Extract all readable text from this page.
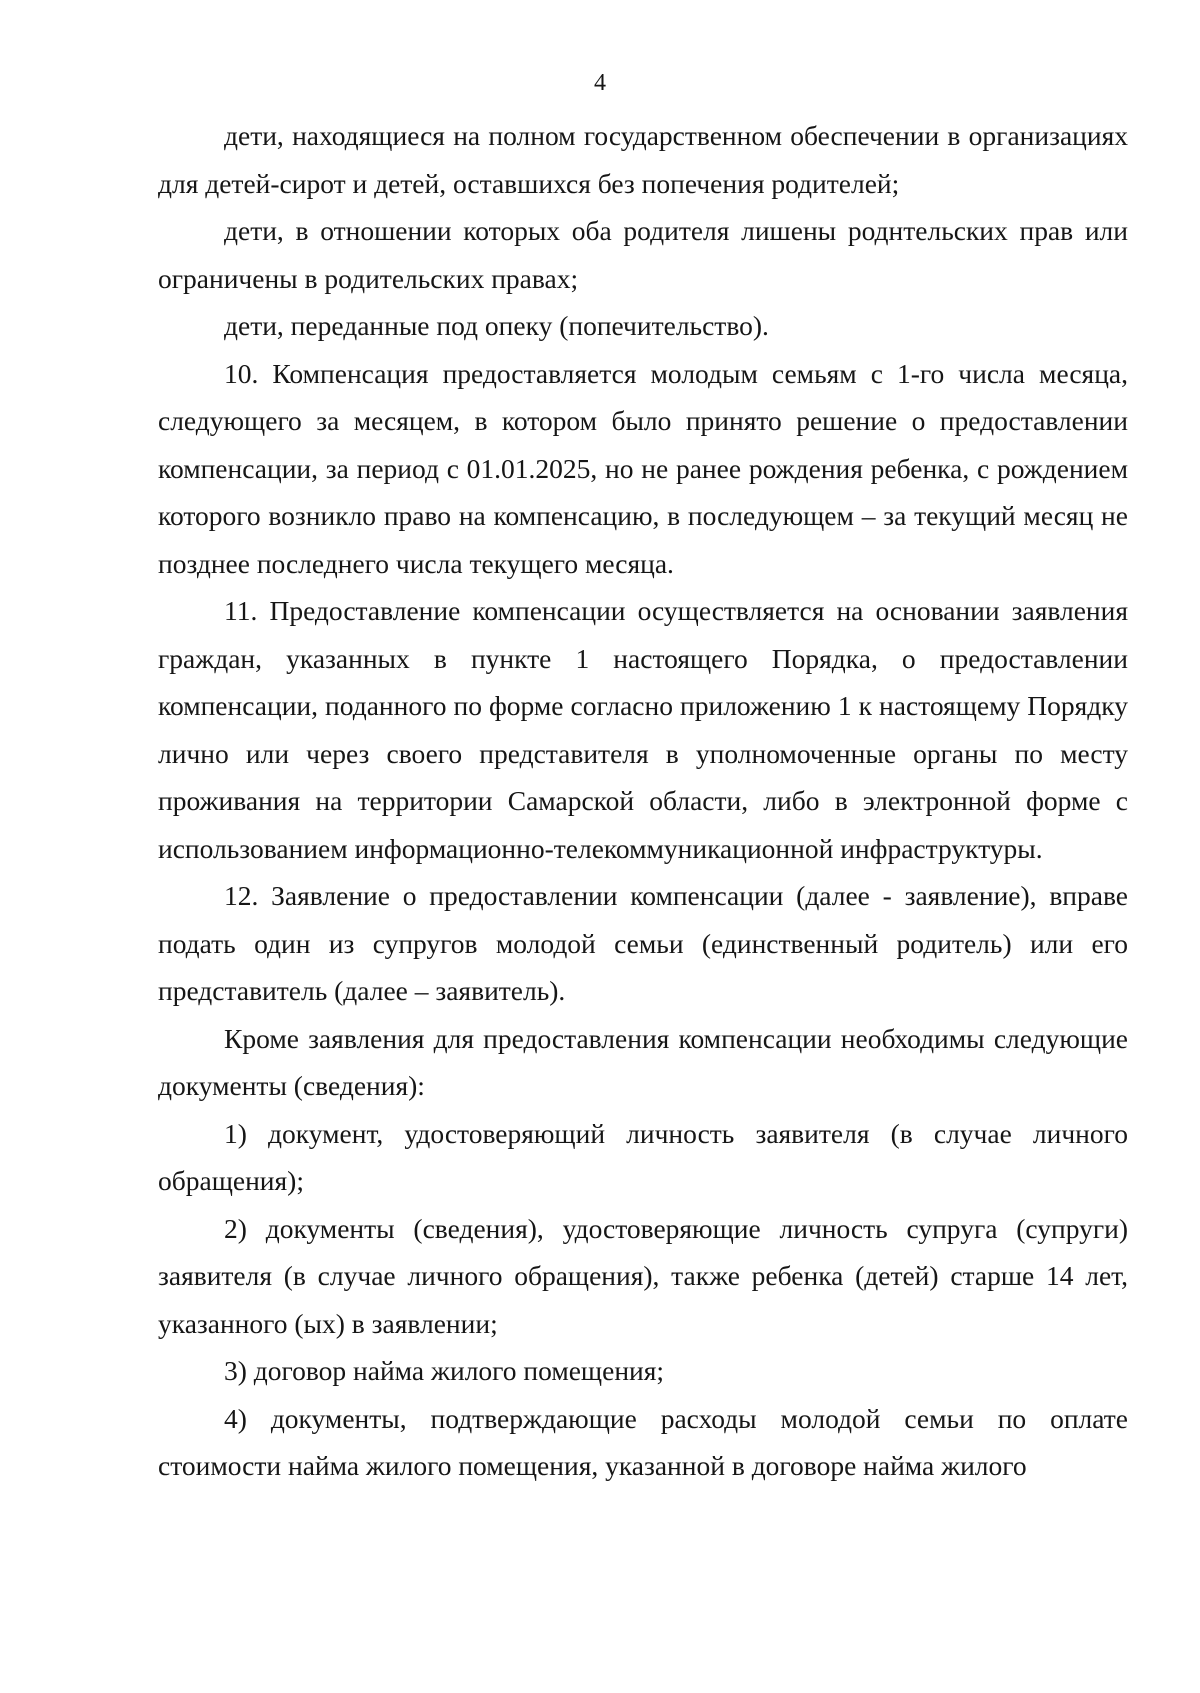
4

дети, находящиеся на полном государственном обеспечении в организациях для детей-сирот и детей, оставшихся без попечения родителей;

дети, в отношении которых оба родителя лишены роднтельских прав или ограничены в родительских правах;

дети, переданные под опеку (попечительство).

10. Компенсация предоставляется молодым семьям с 1-го числа месяца, следующего за месяцем, в котором было принято решение о предоставлении компенсации, за период с 01.01.2025, но не ранее рождения ребенка, с рождением которого возникло право на компенсацию, в последующем – за текущий месяц не позднее последнего числа текущего месяца.

11. Предоставление компенсации осуществляется на основании заявления граждан, указанных в пункте 1 настоящего Порядка, о предоставлении компенсации, поданного по форме согласно приложению 1 к настоящему Порядку лично или через своего представителя в уполномоченные органы по месту проживания на территории Самарской области, либо в электронной форме с использованием информационно-телекоммуникационной инфраструктуры.

12. Заявление о предоставлении компенсации (далее - заявление), вправе подать один из супругов молодой семьи (единственный родитель) или его представитель (далее – заявитель).

Кроме заявления для предоставления компенсации необходимы следующие документы (сведения):

1) документ, удостоверяющий личность заявителя (в случае личного обращения);

2) документы (сведения), удостоверяющие личность супруга (супруги) заявителя (в случае личного обращения), также ребенка (детей) старше 14 лет, указанного (ых) в заявлении;

3) договор найма жилого помещения;

4) документы, подтверждающие расходы молодой семьи по оплате стоимости найма жилого помещения, указанной в договоре найма жилого
